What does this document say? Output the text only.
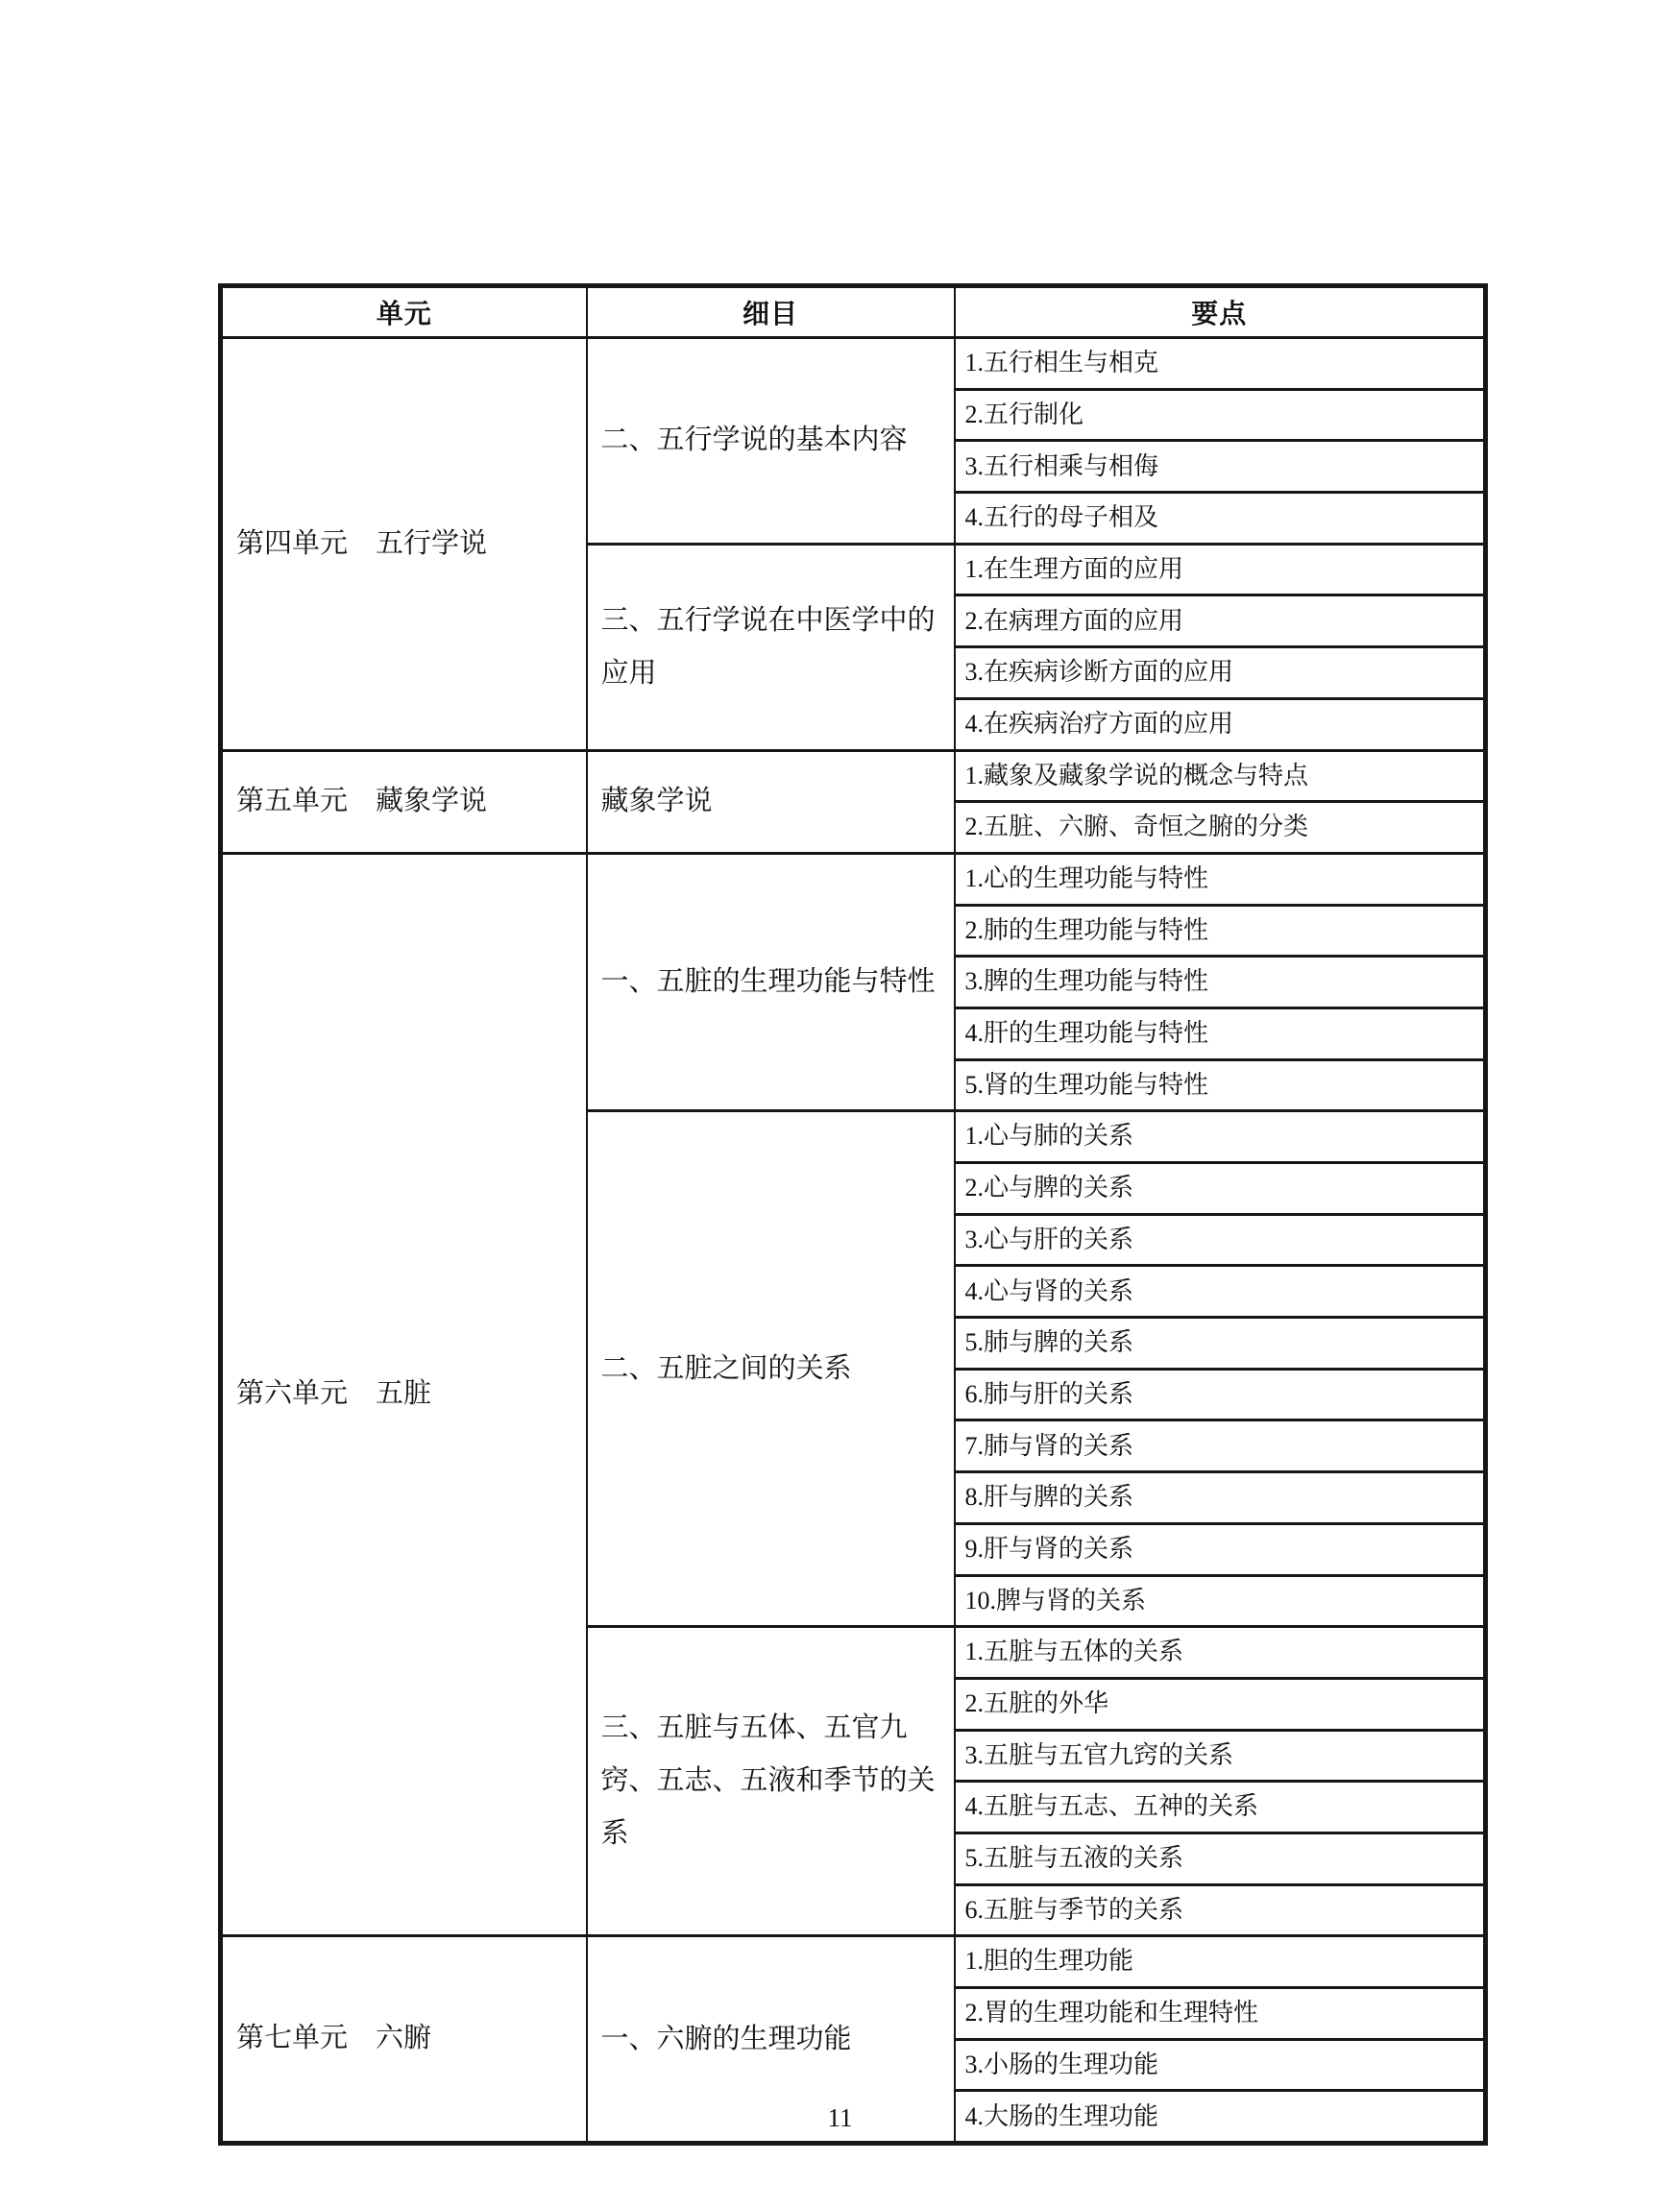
单元	细目	要点
第四单元　五行学说	二、五行学说的基本内容	1.五行相生与相克
		2.五行制化
		3.五行相乘与相侮
		4.五行的母子相及
	三、五行学说在中医学中的应用	1.在生理方面的应用
		2.在病理方面的应用
		3.在疾病诊断方面的应用
		4.在疾病治疗方面的应用
第五单元　藏象学说	藏象学说	1.藏象及藏象学说的概念与特点
		2.五脏、六腑、奇恒之腑的分类
第六单元　五脏	一、五脏的生理功能与特性	1.心的生理功能与特性
		2.肺的生理功能与特性
		3.脾的生理功能与特性
		4.肝的生理功能与特性
		5.肾的生理功能与特性
	二、五脏之间的关系	1.心与肺的关系
		2.心与脾的关系
		3.心与肝的关系
		4.心与肾的关系
		5.肺与脾的关系
		6.肺与肝的关系
		7.肺与肾的关系
		8.肝与脾的关系
		9.肝与肾的关系
		10.脾与肾的关系
	三、五脏与五体、五官九窍、五志、五液和季节的关系	1.五脏与五体的关系
		2.五脏的外华
		3.五脏与五官九窍的关系
		4.五脏与五志、五神的关系
		5.五脏与五液的关系
		6.五脏与季节的关系
第七单元　六腑	一、六腑的生理功能	1.胆的生理功能
		2.胃的生理功能和生理特性
		3.小肠的生理功能
		4.大肠的生理功能
11
